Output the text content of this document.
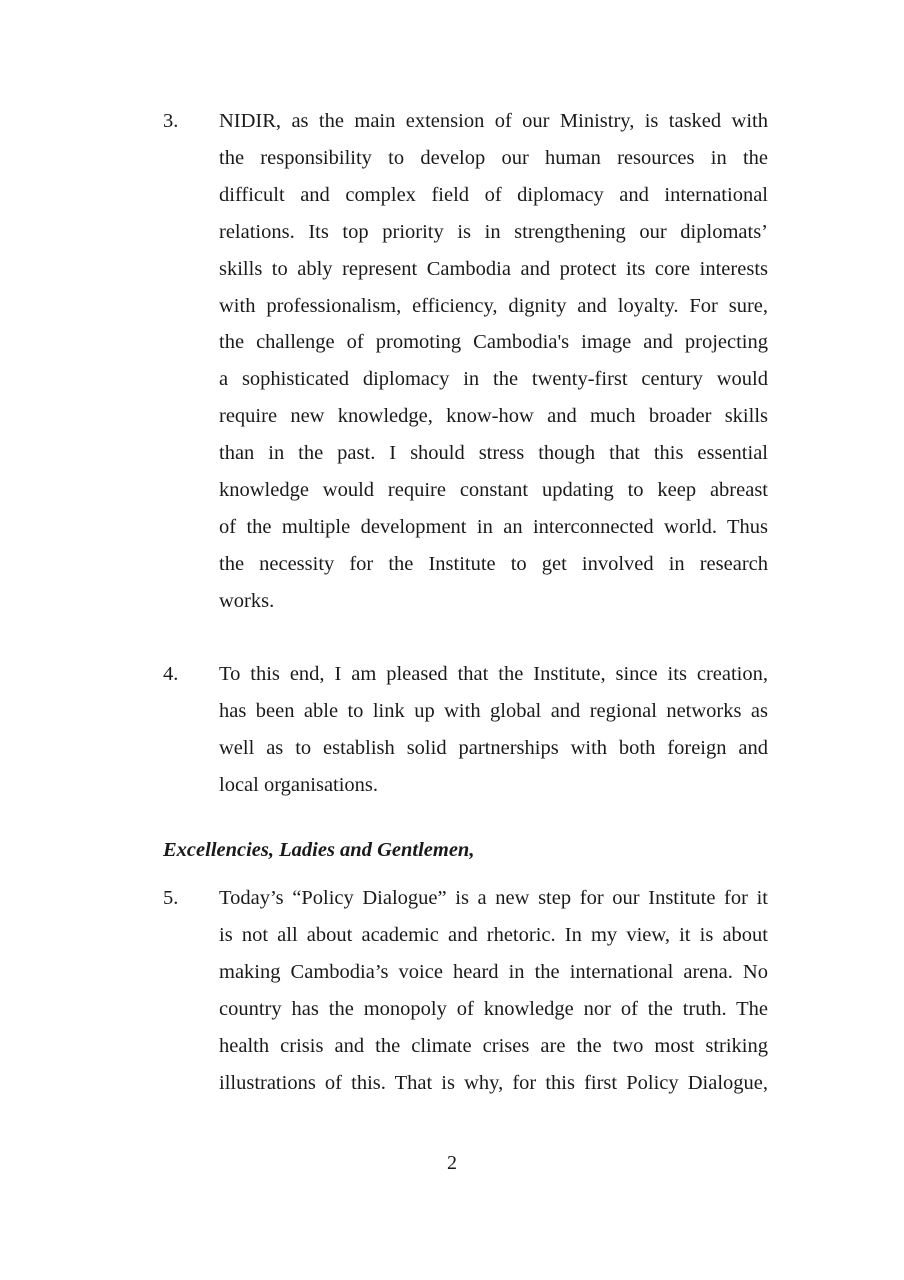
3. NIDIR, as the main extension of our Ministry, is tasked with
the responsibility to develop our human resources in the
difficult and complex field of diplomacy and international
relations. Its top priority is in strengthening our diplomats’
skills to ably represent Cambodia and protect its core interests
with professionalism, efficiency, dignity and loyalty. For sure,
the challenge of promoting Cambodia's image and projecting
a sophisticated diplomacy in the twenty-first century would
require new knowledge, know-how and much broader skills
than in the past. I should stress though that this essential
knowledge would require constant updating to keep abreast
of the multiple development in an interconnected world. Thus
the necessity for the Institute to get involved in research
works.
4. To this end, I am pleased that the Institute, since its creation,
has been able to link up with global and regional networks as
well as to establish solid partnerships with both foreign and
local organisations.
Excellencies, Ladies and Gentlemen,
5. Today’s “Policy Dialogue” is a new step for our Institute for it
is not all about academic and rhetoric. In my view, it is about
making Cambodia’s voice heard in the international arena. No
country has the monopoly of knowledge nor of the truth. The
health crisis and the climate crises are the two most striking
illustrations of this. That is why, for this first Policy Dialogue,
2
